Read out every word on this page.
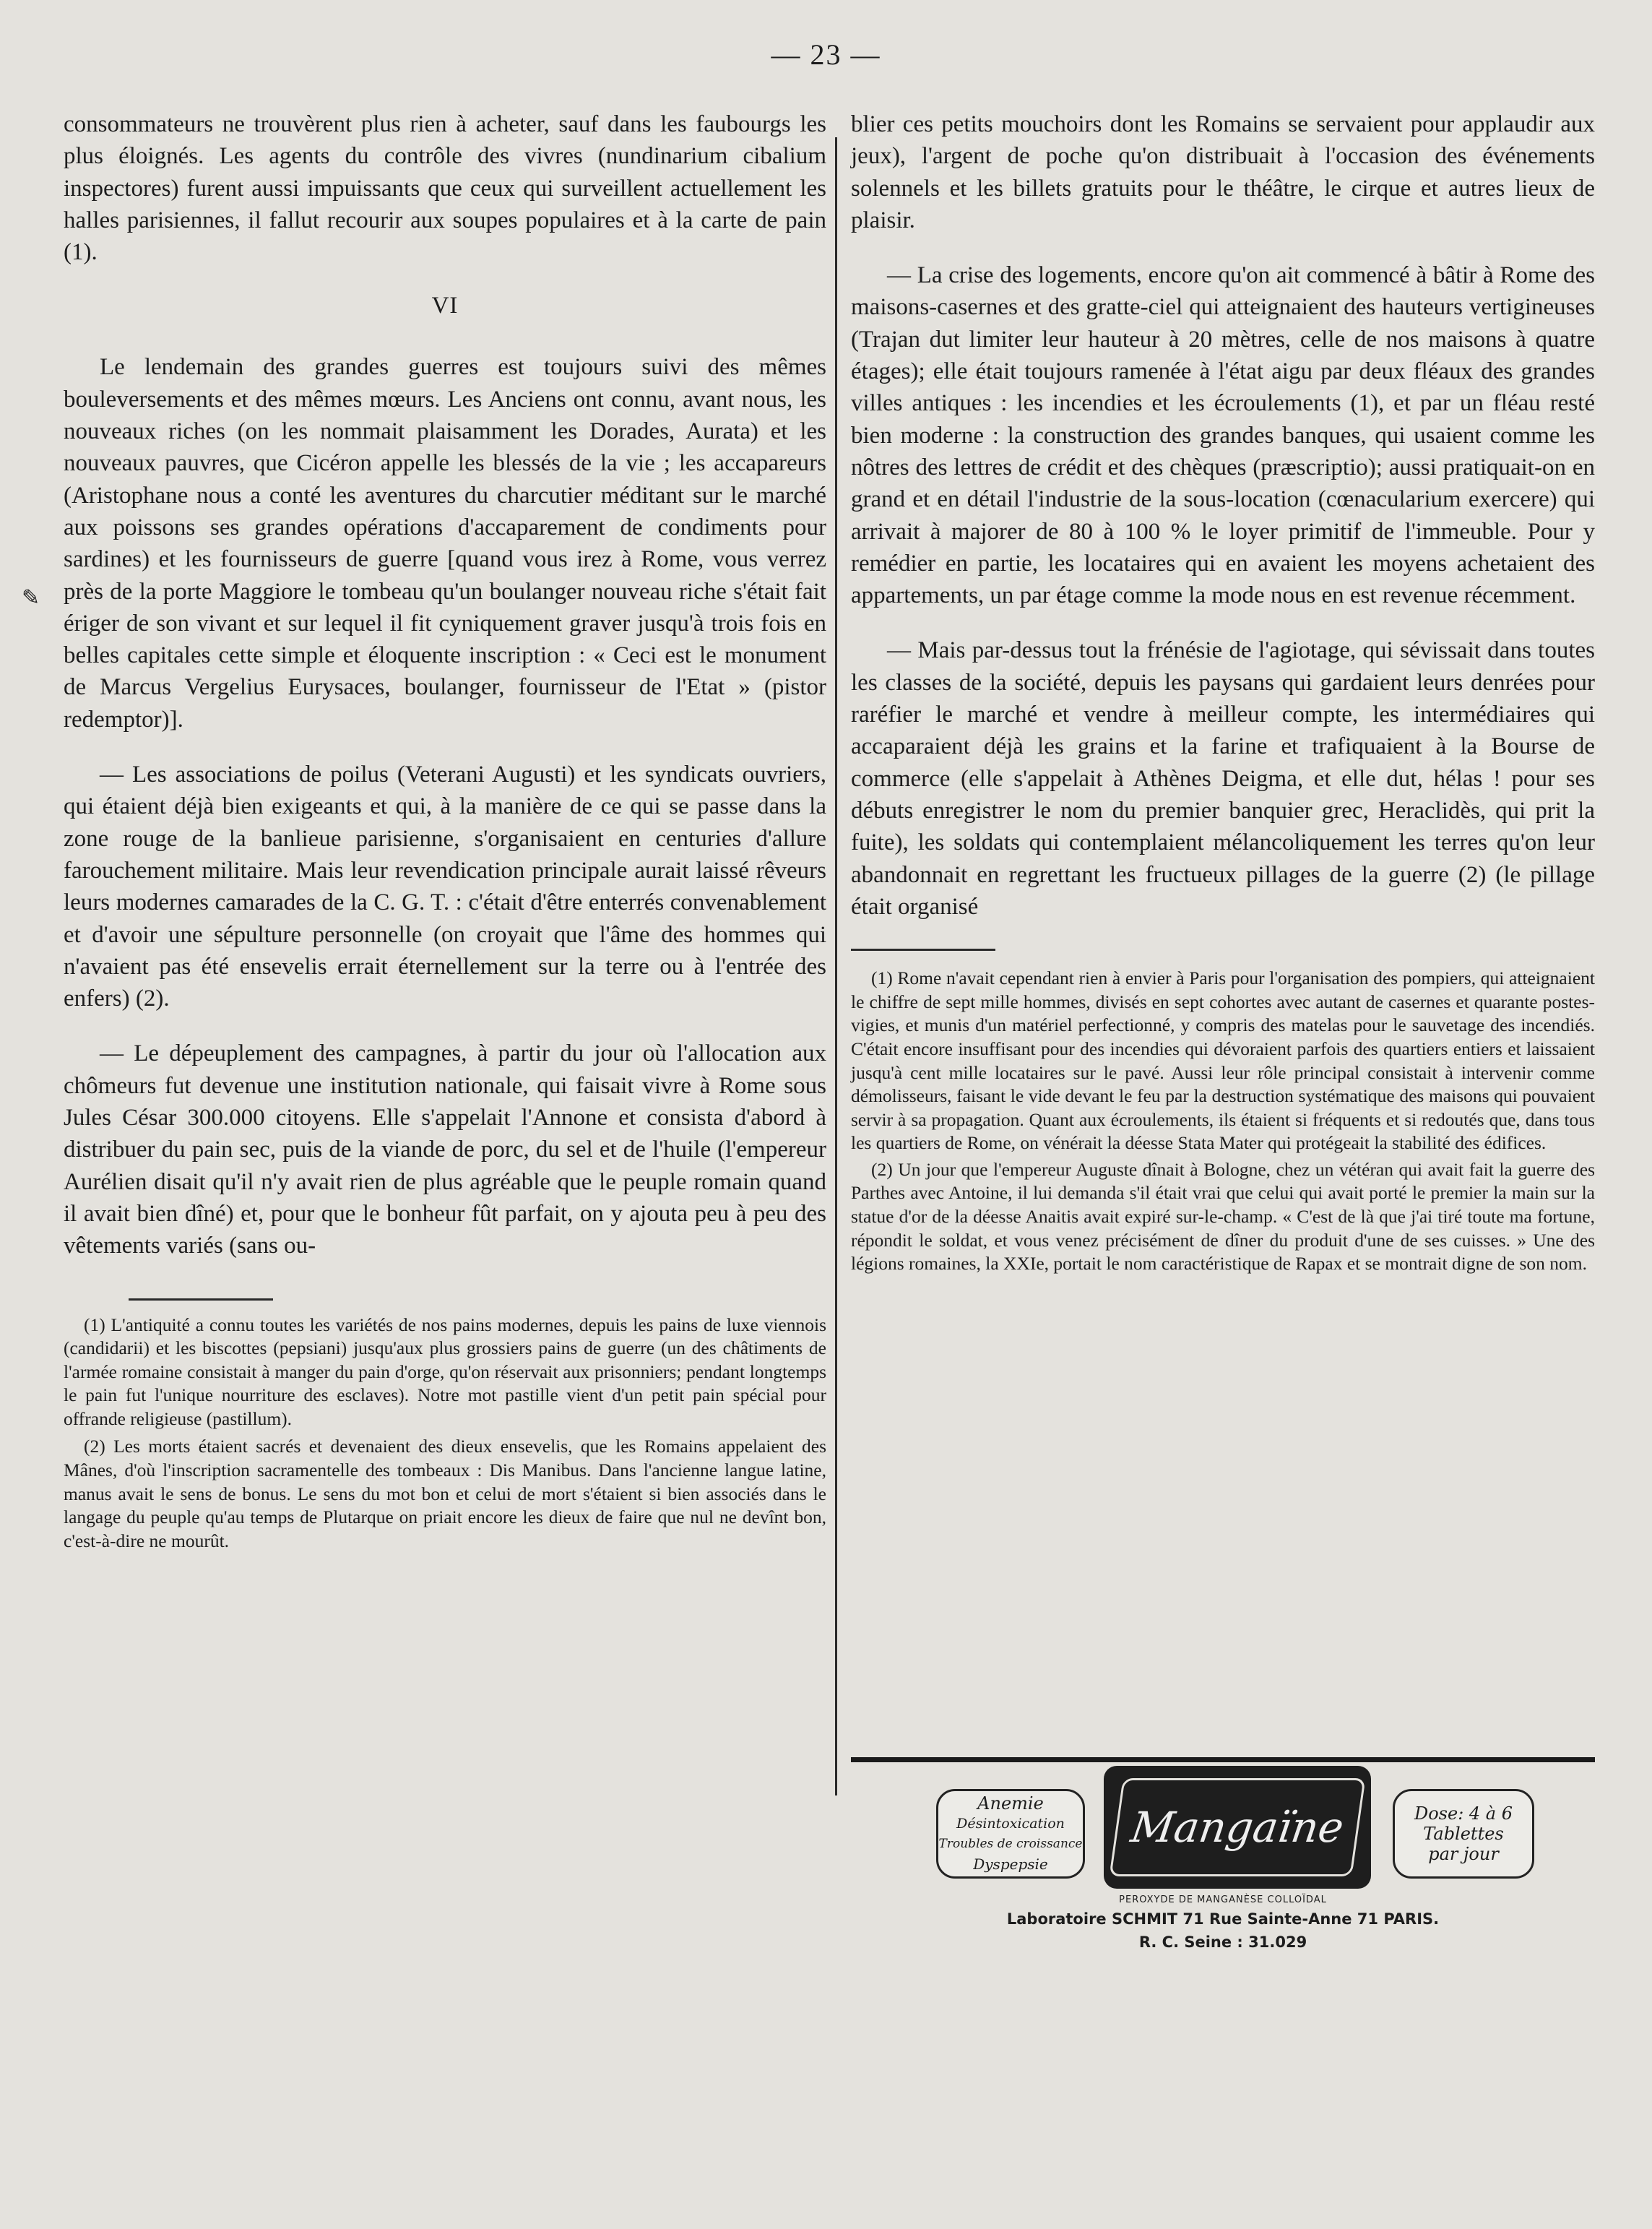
— 23 —
✎

consommateurs ne trouvèrent plus rien à acheter, sauf dans les faubourgs les plus éloignés. Les agents du contrôle des vivres (nundinarium cibalium inspectores) furent aussi impuissants que ceux qui surveillent actuellement les halles parisiennes, il fallut recourir aux soupes populaires et à la carte de pain (1).

VI

Le lendemain des grandes guerres est toujours suivi des mêmes bouleversements et des mêmes mœurs. Les Anciens ont connu, avant nous, les nouveaux riches (on les nommait plaisamment les Dorades, Aurata) et les nouveaux pauvres, que Cicéron appelle les blessés de la vie ; les accapareurs (Aristophane nous a conté les aventures du charcutier méditant sur le marché aux poissons ses grandes opérations d'accaparement de condiments pour sardines) et les fournisseurs de guerre [quand vous irez à Rome, vous verrez près de la porte Maggiore le tombeau qu'un boulanger nouveau riche s'était fait ériger de son vivant et sur lequel il fit cyniquement graver jusqu'à trois fois en belles capitales cette simple et éloquente inscription : « Ceci est le monument de Marcus Vergelius Eurysaces, boulanger, fournisseur de l'Etat » (pistor redemptor)].

— Les associations de poilus (Veterani Augusti) et les syndicats ouvriers, qui étaient déjà bien exigeants et qui, à la manière de ce qui se passe dans la zone rouge de la banlieue parisienne, s'organisaient en centuries d'allure farouchement militaire. Mais leur revendication principale aurait laissé rêveurs leurs modernes camarades de la C. G. T. : c'était d'être enterrés convenablement et d'avoir une sépulture personnelle (on croyait que l'âme des hommes qui n'avaient pas été ensevelis errait éternellement sur la terre ou à l'entrée des enfers) (2).

— Le dépeuplement des campagnes, à partir du jour où l'allocation aux chômeurs fut devenue une institution nationale, qui faisait vivre à Rome sous Jules César 300.000 citoyens. Elle s'appelait l'Annone et consista d'abord à distribuer du pain sec, puis de la viande de porc, du sel et de l'huile (l'empereur Aurélien disait qu'il n'y avait rien de plus agréable que le peuple romain quand il avait bien dîné) et, pour que le bonheur fût parfait, on y ajouta peu à peu des vêtements variés (sans ou-

(1) L'antiquité a connu toutes les variétés de nos pains modernes, depuis les pains de luxe viennois (candidarii) et les biscottes (pepsiani) jusqu'aux plus grossiers pains de guerre (un des châtiments de l'armée romaine consistait à manger du pain d'orge, qu'on réservait aux prisonniers; pendant longtemps le pain fut l'unique nourriture des esclaves). Notre mot pastille vient d'un petit pain spécial pour offrande religieuse (pastillum).

(2) Les morts étaient sacrés et devenaient des dieux ensevelis, que les Romains appelaient des Mânes, d'où l'inscription sacramentelle des tombeaux : Dis Manibus. Dans l'ancienne langue latine, manus avait le sens de bonus. Le sens du mot bon et celui de mort s'étaient si bien associés dans le langage du peuple qu'au temps de Plutarque on priait encore les dieux de faire que nul ne devînt bon, c'est-à-dire ne mourût.

blier ces petits mouchoirs dont les Romains se servaient pour applaudir aux jeux), l'argent de poche qu'on distribuait à l'occasion des événements solennels et les billets gratuits pour le théâtre, le cirque et autres lieux de plaisir.

— La crise des logements, encore qu'on ait commencé à bâtir à Rome des maisons-casernes et des gratte-ciel qui atteignaient des hauteurs vertigineuses (Trajan dut limiter leur hauteur à 20 mètres, celle de nos maisons à quatre étages); elle était toujours ramenée à l'état aigu par deux fléaux des grandes villes antiques : les incendies et les écroulements (1), et par un fléau resté bien moderne : la construction des grandes banques, qui usaient comme les nôtres des lettres de crédit et des chèques (præscriptio); aussi pratiquait-on en grand et en détail l'industrie de la sous-location (cœnacularium exercere) qui arrivait à majorer de 80 à 100 % le loyer primitif de l'immeuble. Pour y remédier en partie, les locataires qui en avaient les moyens achetaient des appartements, un par étage comme la mode nous en est revenue récemment.

— Mais par-dessus tout la frénésie de l'agiotage, qui sévissait dans toutes les classes de la société, depuis les paysans qui gardaient leurs denrées pour raréfier le marché et vendre à meilleur compte, les intermédiaires qui accaparaient déjà les grains et la farine et trafiquaient à la Bourse de commerce (elle s'appelait à Athènes Deigma, et elle dut, hélas ! pour ses débuts enregistrer le nom du premier banquier grec, Heraclidès, qui prit la fuite), les soldats qui contemplaient mélancoliquement les terres qu'on leur abandonnait en regrettant les fructueux pillages de la guerre (2) (le pillage était organisé

(1) Rome n'avait cependant rien à envier à Paris pour l'organisation des pompiers, qui atteignaient le chiffre de sept mille hommes, divisés en sept cohortes avec autant de casernes et quarante postes-vigies, et munis d'un matériel perfectionné, y compris des matelas pour le sauvetage des incendiés. C'était encore insuffisant pour des incendies qui dévoraient parfois des quartiers entiers et laissaient jusqu'à cent mille locataires sur le pavé. Aussi leur rôle principal consistait à intervenir comme démolisseurs, faisant le vide devant le feu par la destruction systématique des maisons qui pouvaient servir à sa propagation. Quant aux écroulements, ils étaient si fréquents et si redoutés que, dans tous les quartiers de Rome, on vénérait la déesse Stata Mater qui protégeait la stabilité des édifices.

(2) Un jour que l'empereur Auguste dînait à Bologne, chez un vétéran qui avait fait la guerre des Parthes avec Antoine, il lui demanda s'il était vrai que celui qui avait porté le premier la main sur la statue d'or de la déesse Anaitis avait expiré sur-le-champ. « C'est de là que j'ai tiré toute ma fortune, répondit le soldat, et vous venez précisément de dîner du produit d'une de ses cuisses. » Une des légions romaines, la XXIe, portait le nom caractéristique de Rapax et se montrait digne de son nom.

Anemie
Désintoxication
Troubles de croissance
Dyspepsie
Mangaïne	Dose: 4 à 6
Tablettes
par jour
PEROXYDE DE MANGANÈSE COLLOÏDAL
Laboratoire SCHMIT 71 Rue Sainte-Anne 71 PARIS.
R. C. Seine : 31.029
